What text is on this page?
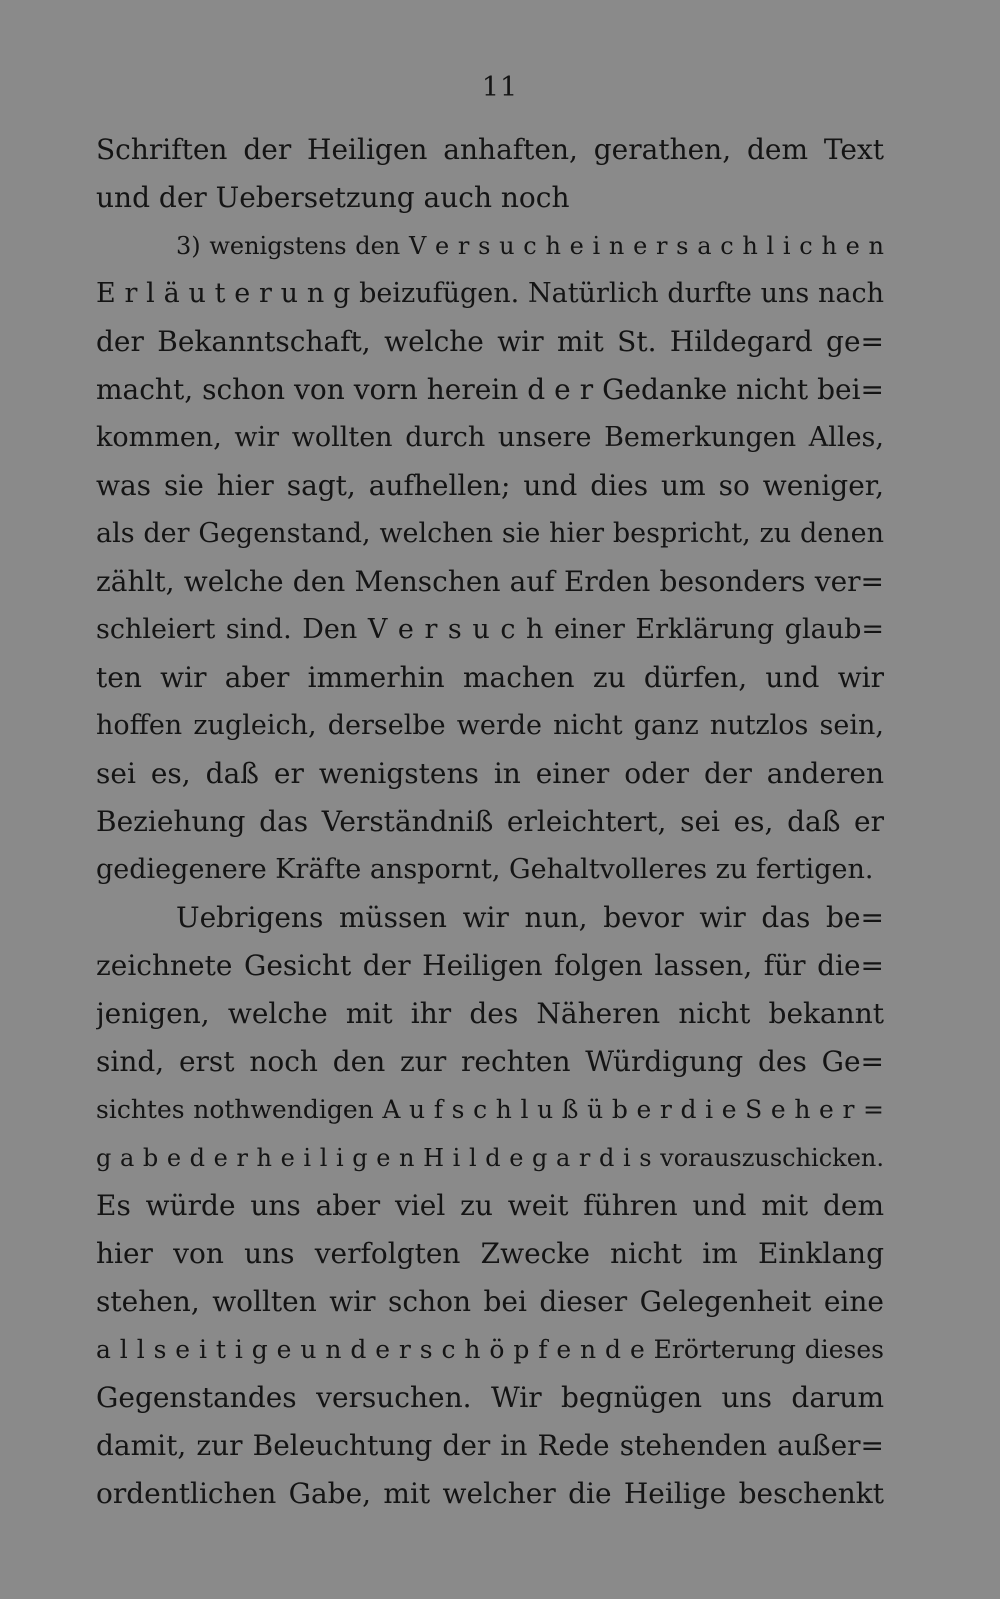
11
Schriften der Heiligen anhaften, gerathen, dem Text
und der Uebersetzung auch noch
3) wenigstens den V e r s u c h e i n e r s a c h l i c h e n
E r l ä u t e r u n g beizufügen. Natürlich durfte uns nach
der Bekanntschaft, welche wir mit St. Hildegard ge=
macht, schon von vorn herein d e r Gedanke nicht bei=
kommen, wir wollten durch unsere Bemerkungen Alles,
was sie hier sagt, aufhellen; und dies um so weniger,
als der Gegenstand, welchen sie hier bespricht, zu denen
zählt, welche den Menschen auf Erden besonders ver=
schleiert sind. Den V e r s u c h einer Erklärung glaub=
ten wir aber immerhin machen zu dürfen, und wir
hoffen zugleich, derselbe werde nicht ganz nutzlos sein,
sei es, daß er wenigstens in einer oder der anderen
Beziehung das Verständniß erleichtert, sei es, daß er
gediegenere Kräfte anspornt, Gehaltvolleres zu fertigen.
Uebrigens müssen wir nun, bevor wir das be=
zeichnete Gesicht der Heiligen folgen lassen, für die=
jenigen, welche mit ihr des Näheren nicht bekannt
sind, erst noch den zur rechten Würdigung des Ge=
sichtes nothwendigen A u f s c h l u ß ü b e r d i e S e h e r =
g a b e d e r h e i l i g e n H i l d e g a r d i s vorauszuschicken.
Es würde uns aber viel zu weit führen und mit dem
hier von uns verfolgten Zwecke nicht im Einklang
stehen, wollten wir schon bei dieser Gelegenheit eine
a l l s e i t i g e u n d e r s c h ö p f e n d e Erörterung dieses
Gegenstandes versuchen. Wir begnügen uns darum
damit, zur Beleuchtung der in Rede stehenden außer=
ordentlichen Gabe, mit welcher die Heilige beschenkt
